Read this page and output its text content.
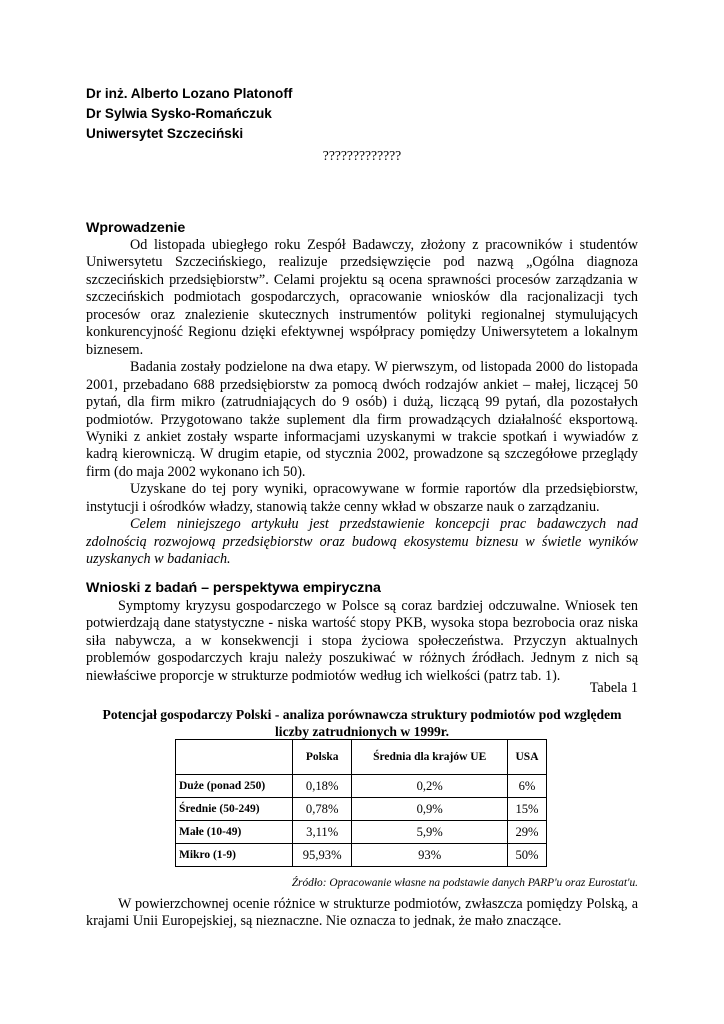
Dr inż. Alberto Lozano Platonoff
Dr Sylwia Sysko-Romańczuk
Uniwersytet Szczeciński
?????????????
Wprowadzenie

Od listopada ubiegłego roku Zespół Badawczy, złożony z pracowników i studentów Uniwersytetu Szczecińskiego, realizuje przedsięwzięcie pod nazwą „Ogólna diagnoza szczecińskich przedsiębiorstw”. Celami projektu są ocena sprawności procesów zarządzania w szczecińskich podmiotach gospodarczych, opracowanie wniosków dla racjonalizacji tych procesów oraz znalezienie skutecznych instrumentów polityki regionalnej stymulujących konkurencyjność Regionu dzięki efektywnej współpracy pomiędzy Uniwersytetem a lokalnym biznesem.

Badania zostały podzielone na dwa etapy. W pierwszym, od listopada 2000 do listopada 2001, przebadano 688 przedsiębiorstw za pomocą dwóch rodzajów ankiet – małej, liczącej 50 pytań, dla firm mikro (zatrudniających do 9 osób) i dużą, liczącą 99 pytań, dla pozostałych podmiotów. Przygotowano także suplement dla firm prowadzących działalność eksportową. Wyniki z ankiet zostały wsparte informacjami uzyskanymi w trakcie spotkań i wywiadów z kadrą kierowniczą. W drugim etapie, od stycznia 2002, prowadzone są szczegółowe przeglądy firm (do maja 2002 wykonano ich 50).

Uzyskane do tej pory wyniki, opracowywane w formie raportów dla przedsiębiorstw, instytucji i ośrodków władzy, stanowią także cenny wkład w obszarze nauk o zarządzaniu.

Celem niniejszego artykułu jest przedstawienie koncepcji prac badawczych nad zdolnością rozwojową przedsiębiorstw oraz budową ekosystemu biznesu w świetle wyników uzyskanych w badaniach.

Wnioski z badań – perspektywa empiryczna

Symptomy kryzysu gospodarczego w Polsce są coraz bardziej odczuwalne. Wniosek ten potwierdzają dane statystyczne - niska wartość stopy PKB, wysoka stopa bezrobocia oraz niska siła nabywcza, a w konsekwencji i stopa życiowa społeczeństwa. Przyczyn aktualnych problemów gospodarczych kraju należy poszukiwać w różnych źródłach. Jednym z nich są niewłaściwe proporcje w strukturze podmiotów według ich wielkości (patrz tab. 1).

Tabela 1
Potencjał gospodarczy Polski - analiza porównawcza struktury podmiotów pod względem liczby zatrudnionych w 1999r.
	Polska	Średnia dla krajów UE	USA
Duże (ponad 250)	0,18%	0,2%	6%
Średnie (50-249)	0,78%	0,9%	15%
Małe (10-49)	3,11%	5,9%	29%
Mikro (1-9)	95,93%	93%	50%
Źródło: Opracowanie własne na podstawie danych PARP'u oraz Eurostat'u.

W powierzchownej ocenie różnice w strukturze podmiotów, zwłaszcza pomiędzy Polską, a krajami Unii Europejskiej, są nieznaczne. Nie oznacza to jednak, że mało znaczące.
